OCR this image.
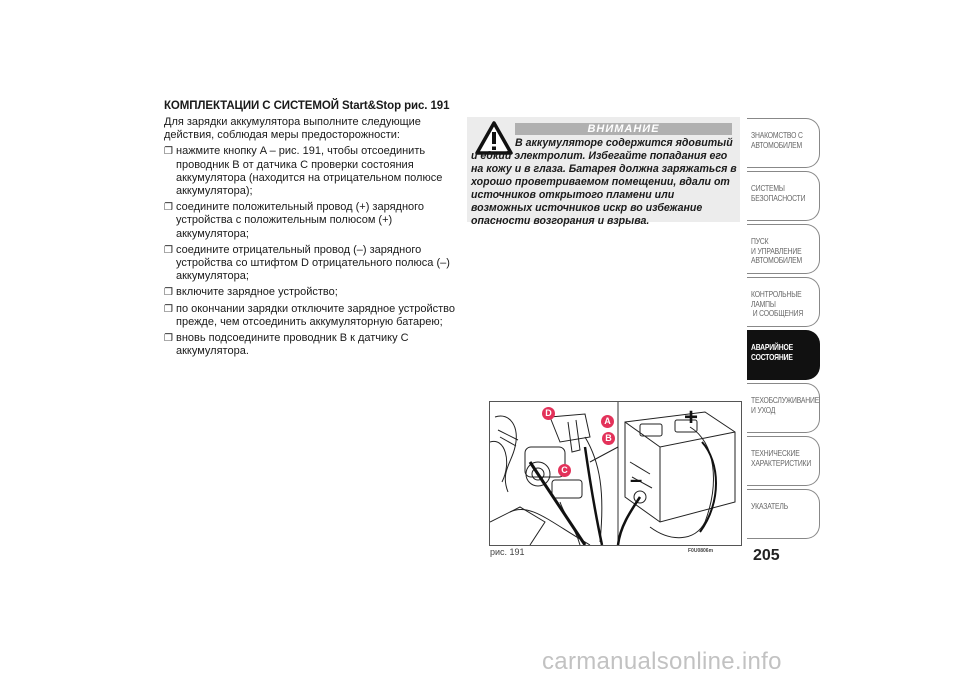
КОМПЛЕКТАЦИИ С СИСТЕМОЙ Start&Stop рис. 191
Для зарядки аккумулятора выполните следующие действия, соблюдая меры предосторожности:
❐ нажмите кнопку A – рис. 191, чтобы отсоединить проводник B от датчика C проверки состояния аккумулятора (находится на отрицательном полюсе аккумулятора);
❐ соедините положительный провод (+) зарядного устройства с положительным полюсом (+) аккумулятора;
❐ соедините отрицательный провод (–) зарядного устройства со штифтом D отрицательного полюса (–) аккумулятора;
❐ включите зарядное устройство;
❐ по окончании зарядки отключите зарядное устройство прежде, чем отсоединить аккумуляторную батарею;
❐ вновь подсоедините проводник B к датчику C аккумулятора.
ВНИМАНИЕ
В аккумуляторе содержится ядовитый и едкий электролит. Избегайте попадания его на кожу и в глаза. Батарея должна заряжаться в хорошо проветриваемом помещении, вдали от источников открытого пламени или возможных источников искр во избежание опасности возгорания и взрыва.
D
A
B
C
+
–
рис. 191	F0U0806m
ЗНАКОМСТВО С
АВТОМОБИЛЕМ
СИСТЕМЫ
БЕЗОПАСНОСТИ
ПУСК
И УПРАВЛЕНИЕ
АВТОМОБИЛЕМ
КОНТРОЛЬНЫЕ
ЛАМПЫ
И СООБЩЕНИЯ
АВАРИЙНОЕ
СОСТОЯНИЕ
ТЕХОБСЛУЖИВАНИЕ
И УХОД
ТЕХНИЧЕСКИЕ
ХАРАКТЕРИСТИКИ
УКАЗАТЕЛЬ
205
carmanualsonline.info
